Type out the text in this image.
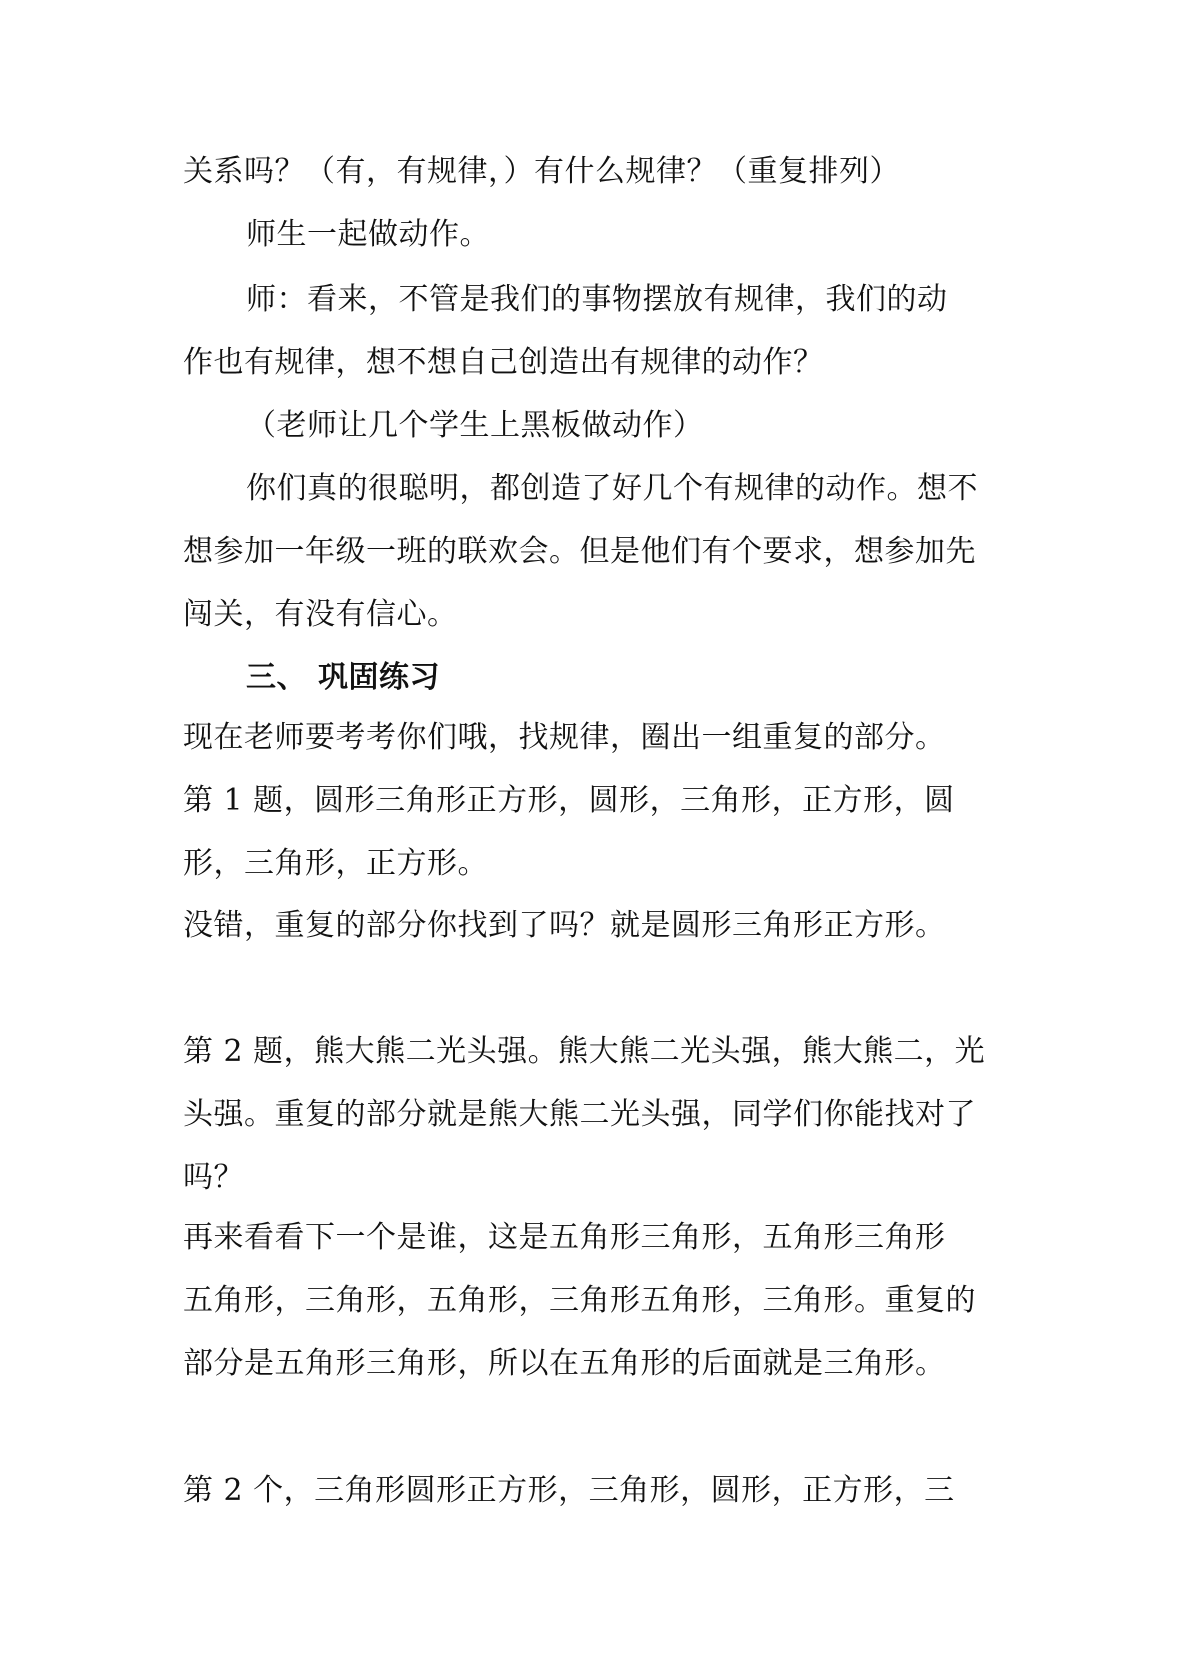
关系吗？（有，有规律，）有什么规律？（重复排列）
师生一起做动作。
师：看来，不管是我们的事物摆放有规律，我们的动
作也有规律，想不想自己创造出有规律的动作？
（老师让几个学生上黑板做动作）
你们真的很聪明，都创造了好几个有规律的动作。想不
想参加一年级一班的联欢会。但是他们有个要求，想参加先
闯关，有没有信心。
三、 巩固练习
现在老师要考考你们哦，找规律，圈出一组重复的部分。
第 1 题，圆形三角形正方形，圆形，三角形，正方形，圆
形，三角形，正方形。
没错，重复的部分你找到了吗？就是圆形三角形正方形。
第 2 题，熊大熊二光头强。熊大熊二光头强，熊大熊二，光
头强。重复的部分就是熊大熊二光头强，同学们你能找对了
吗？
再来看看下一个是谁，这是五角形三角形，五角形三角形
五角形，三角形，五角形，三角形五角形，三角形。重复的
部分是五角形三角形，所以在五角形的后面就是三角形。
第 2 个，三角形圆形正方形，三角形，圆形，正方形，三
